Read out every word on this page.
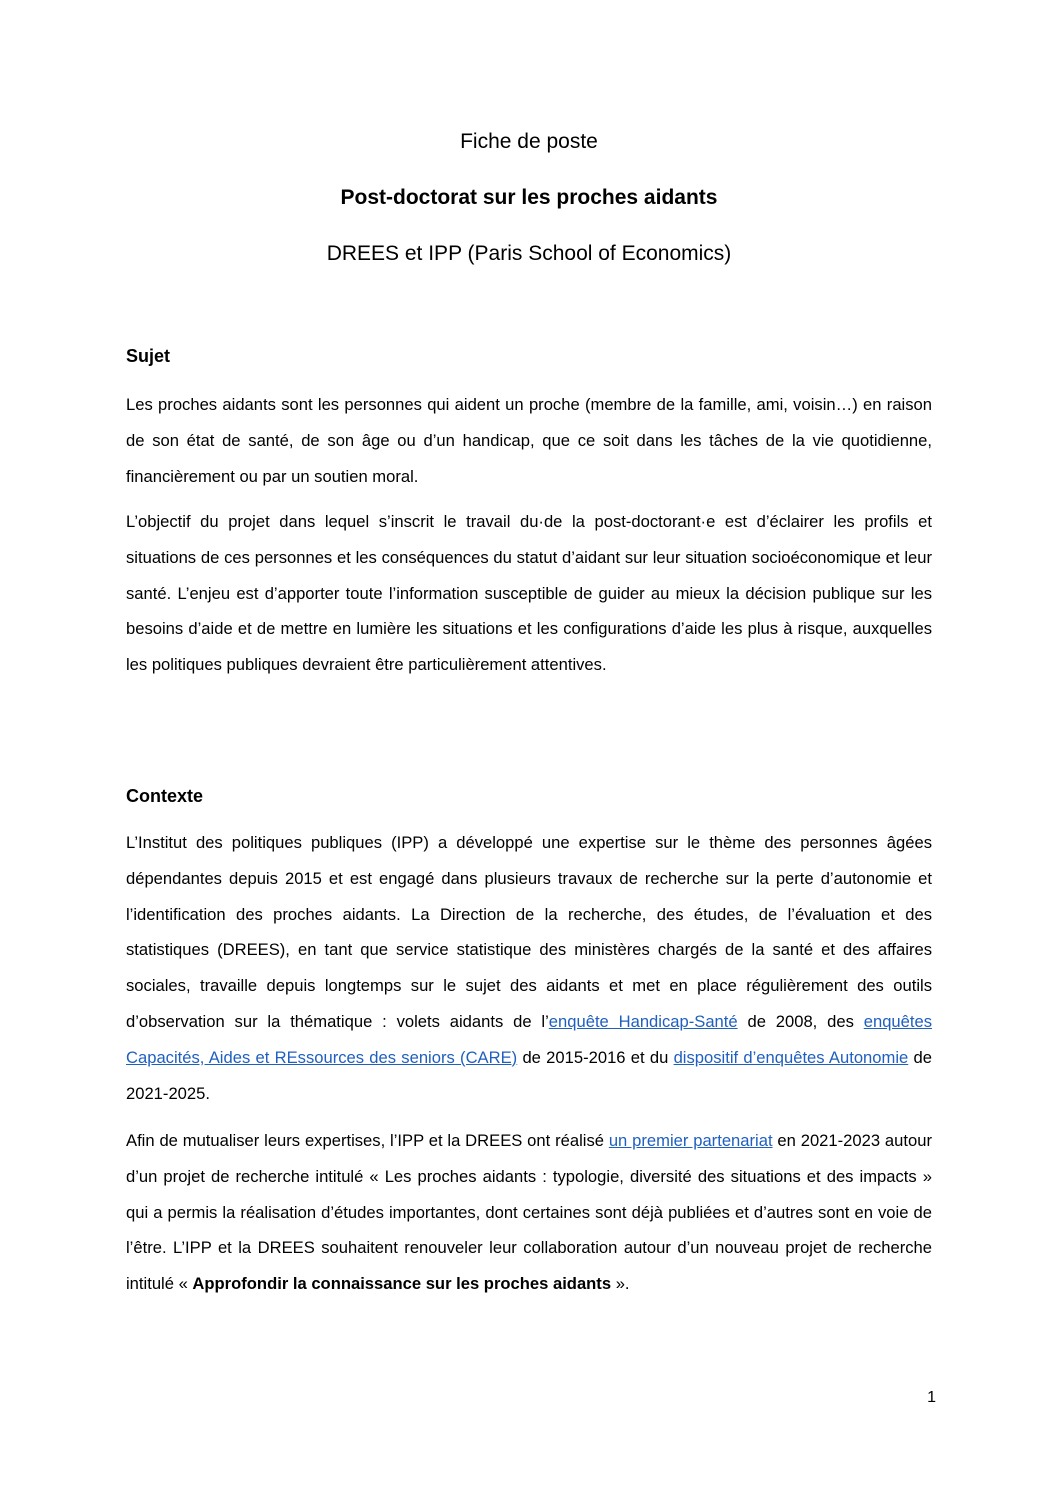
Fiche de poste
Post-doctorat sur les proches aidants
DREES et IPP (Paris School of Economics)
Sujet

Les proches aidants sont les personnes qui aident un proche (membre de la famille, ami, voisin…) en raison de son état de santé, de son âge ou d’un handicap, que ce soit dans les tâches de la vie quotidienne, financièrement ou par un soutien moral.

L’objectif du projet dans lequel s’inscrit le travail du·de la post-doctorant·e est d’éclairer les profils et situations de ces personnes et les conséquences du statut d’aidant sur leur situation socioéconomique et leur santé. L’enjeu est d’apporter toute l’information susceptible de guider au mieux la décision publique sur les besoins d’aide et de mettre en lumière les situations et les configurations d’aide les plus à risque, auxquelles les politiques publiques devraient être particulièrement attentives.

Contexte

L’Institut des politiques publiques (IPP) a développé une expertise sur le thème des personnes âgées dépendantes depuis 2015 et est engagé dans plusieurs travaux de recherche sur la perte d’autonomie et l’identification des proches aidants. La Direction de la recherche, des études, de l’évaluation et des statistiques (DREES), en tant que service statistique des ministères chargés de la santé et des affaires sociales, travaille depuis longtemps sur le sujet des aidants et met en place régulièrement des outils d’observation sur la thématique : volets aidants de l’enquête Handicap-Santé de 2008, des enquêtes Capacités, Aides et REssources des seniors (CARE) de 2015-2016 et du dispositif d’enquêtes Autonomie de 2021-2025.

Afin de mutualiser leurs expertises, l’IPP et la DREES ont réalisé un premier partenariat en 2021-2023 autour d’un projet de recherche intitulé « Les proches aidants : typologie, diversité des situations et des impacts » qui a permis la réalisation d’études importantes, dont certaines sont déjà publiées et d’autres sont en voie de l’être. L’IPP et la DREES souhaitent renouveler leur collaboration autour d’un nouveau projet de recherche intitulé « Approfondir la connaissance sur les proches aidants ».

1
